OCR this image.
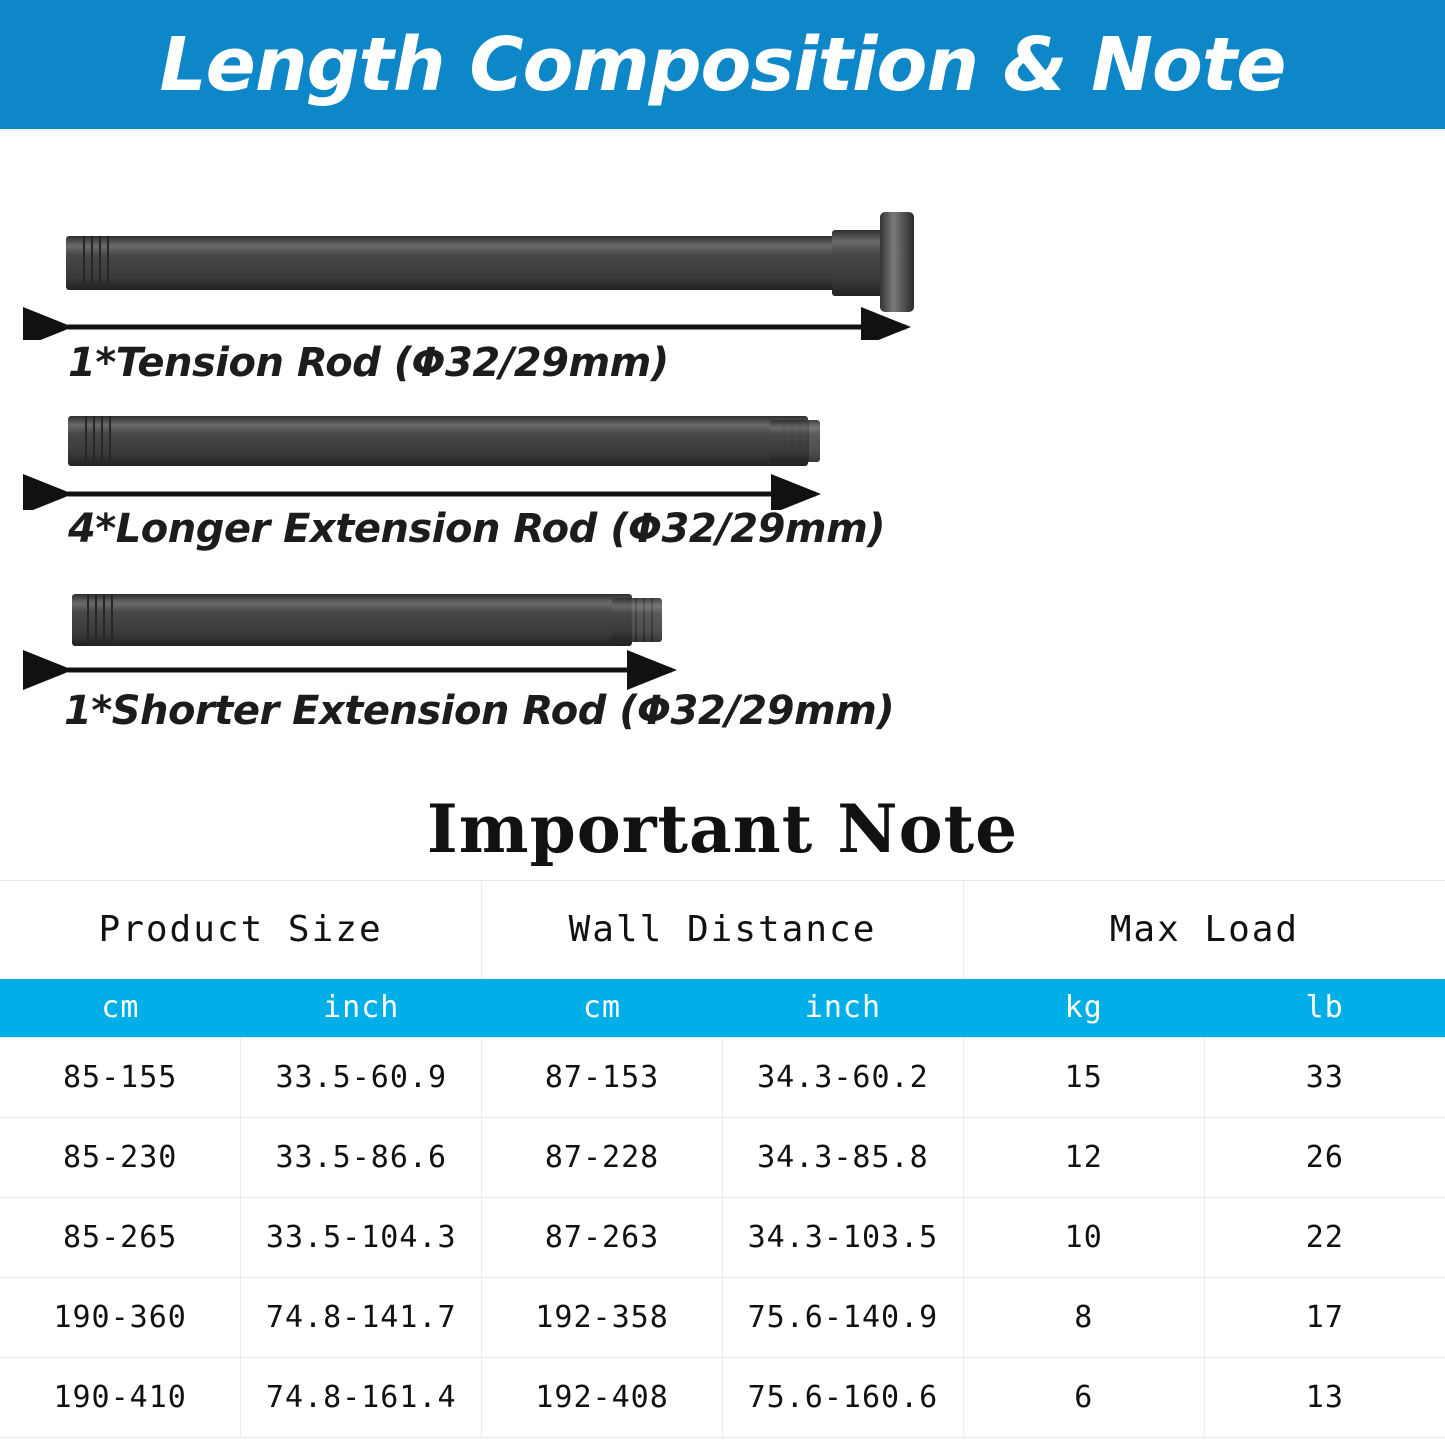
Length Composition & Note
1*Tension Rod (Φ32/29mm)
4*Longer Extension Rod (Φ32/29mm)
1*Shorter Extension Rod (Φ32/29mm)
Important Note
Product Size		Wall Distance		Max Load	
cm	inch	cm	inch	kg	lb
85-155	33.5-60.9	87-153	34.3-60.2	15	33
85-230	33.5-86.6	87-228	34.3-85.8	12	26
85-265	33.5-104.3	87-263	34.3-103.5	10	22
190-360	74.8-141.7	192-358	75.6-140.9	8	17
190-410	74.8-161.4	192-408	75.6-160.6	6	13
